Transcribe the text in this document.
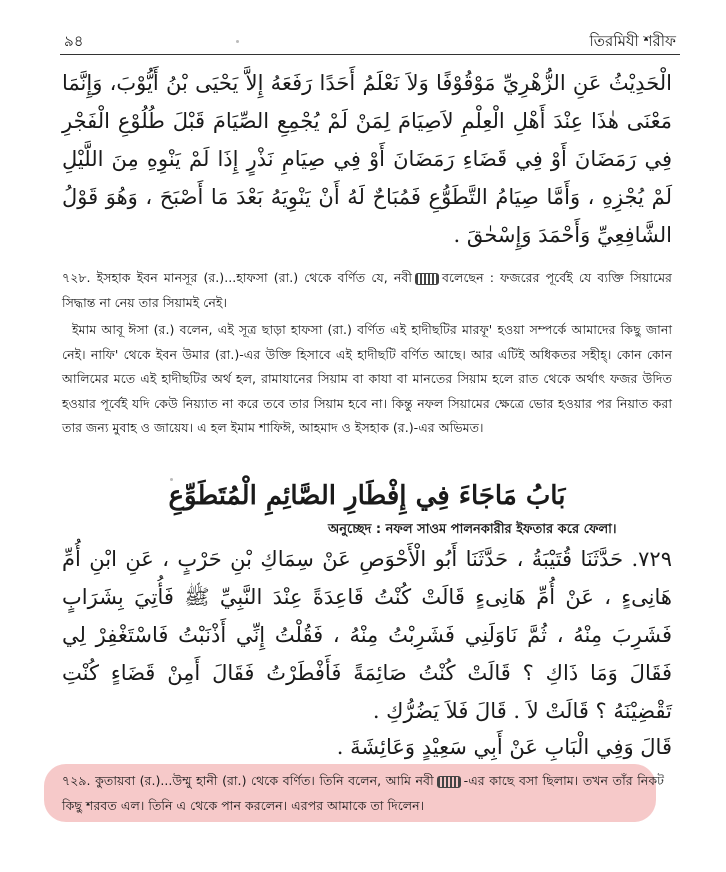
৯৪	তিরমিযী শরীফ

الْحَدِيْثُ عَنِ الزُّهْرِيِّ مَوْقُوْفًا وَلاَ نَعْلَمُ أَحَدًا رَفَعَهُ إِلاَّ يَحْيَى بْنُ أَيُّوْبَ، وَإِنَّمَا مَعْنَى هٰذَا عِنْدَ أَهْلِ الْعِلْمِ لاَصِيَامَ لِمَنْ لَمْ يُجْمِعِ الصِّيَامَ قَبْلَ طُلُوْعِ الْفَجْرِ فِي رَمَضَانَ أَوْ فِي قَضَاءِ رَمَضَانَ أَوْ فِي صِيَامِ نَذْرٍ إِذَا لَمْ يَنْوِهِ مِنَ اللَّيْلِ لَمْ يُجْزِهِ ، وَأَمَّا صِيَامُ التَّطَوُّعِ فَمُبَاحٌ لَهُ أَنْ يَنْوِيَهُ بَعْدَ مَا أَصْبَحَ ، وَهُوَ قَوْلُ الشَّافِعِيِّ وَأَحْمَدَ وَإِسْحٰقَ .

৭২৮. ইসহাক ইবন মানসূর (র.)...হাফসা (রা.) থেকে বর্ণিত যে, নবী বলেছেন : ফজরের পূর্বেই যে ব্যক্তি সিয়ামের সিদ্ধান্ত না নেয় তার সিয়ামই নেই।

ইমাম আবূ ঈসা (র.) বলেন, এই সূত্র ছাড়া হাফসা (রা.) বর্ণিত এই হাদীছটির মারফূ' হওয়া সম্পর্কে আমাদের কিছু জানা নেই। নাফি' থেকে ইবন উমার (রা.)-এর উক্তি হিসাবে এই হাদীছটি বর্ণিত আছে। আর এটিই অধিকতর সহীহ্। কোন কোন আলিমের মতে এই হাদীছটির অর্থ হল, রামাযানের সিয়াম বা কাযা বা মানতের সিয়াম হলে রাত থেকে অর্থাৎ ফজর উদিত হওয়ার পূর্বেই যদি কেউ নিয়্যাত না করে তবে তার সিয়াম হবে না। কিন্তু নফল সিয়ামের ক্ষেত্রে ভোর হওয়ার পর নিয়াত করা তার জন্য মুবাহ ও জায়েয। এ হল ইমাম শাফিঈ, আহমাদ ও ইসহাক (র.)-এর অভিমত।

بَابُ مَاجَاءَ فِي إِفْطَارِ الصَّائِمِ الْمُتَطَوِّعِ

অনুচ্ছেদ : নফল সাওম পালনকারীর ইফতার করে ফেলা।

٧٢٩. حَدَّثَنَا قُتَيْبَةُ ، حَدَّثَنَا أَبُو الْأَحْوَصِ عَنْ سِمَاكِ بْنِ حَرْبٍ ، عَنِ ابْنِ أُمِّ هَانِىءٍ ، عَنْ أُمِّ هَانِىءٍ قَالَتْ كُنْتُ قَاعِدَةً عِنْدَ النَّبِيِّ ﷺ فَأُتِيَ بِشَرَابٍ فَشَرِبَ مِنْهُ ، ثُمَّ نَاوَلَنِي فَشَرِبْتُ مِنْهُ ، فَقُلْتُ إِنِّي أَذْنَبْتُ فَاسْتَغْفِرْ لِي فَقَالَ وَمَا ذَاكِ ؟ قَالَتْ كُنْتُ صَائِمَةً فَأَفْطَرْتُ فَقَالَ أَمِنْ قَضَاءٍ كُنْتِ تَقْضِيْنَهُ ؟ قَالَتْ لاَ . قَالَ فَلاَ يَضُرُّكِ .

قَالَ وَفِي الْبَابِ عَنْ أَبِي سَعِيْدٍ وَعَائِشَةَ .

৭২৯. কুতায়বা (র.)...উম্মু হানী (রা.) থেকে বর্ণিত। তিনি বলেন, আমি নবী -এর কাছে বসা ছিলাম। তখন তাঁর নিকট কিছু শরবত এল। তিনি এ থেকে পান করলেন। এরপর আমাকে তা দিলেন।
